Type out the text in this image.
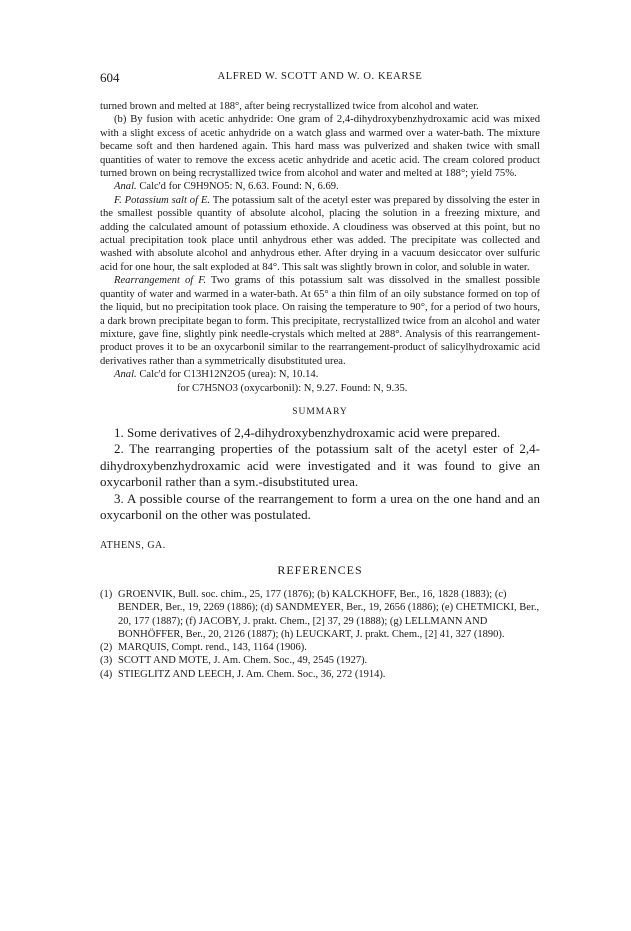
604	ALFRED W. SCOTT AND W. O. KEARSE

turned brown and melted at 188°, after being recrystallized twice from alcohol and water.

(b) By fusion with acetic anhydride: One gram of 2,4-dihydroxybenzhydroxamic acid was mixed with a slight excess of acetic anhydride on a watch glass and warmed over a water-bath. The mixture became soft and then hardened again. This hard mass was pulverized and shaken twice with small quantities of water to remove the excess acetic anhydride and acetic acid. The cream colored product turned brown on being recrystallized twice from alcohol and water and melted at 188°; yield 75%.

Anal. Calc'd for C9H9NO5: N, 6.63. Found: N, 6.69.

F. Potassium salt of E. The potassium salt of the acetyl ester was prepared by dissolving the ester in the smallest possible quantity of absolute alcohol, placing the solution in a freezing mixture, and adding the calculated amount of potassium ethoxide. A cloudiness was observed at this point, but no actual precipitation took place until anhydrous ether was added. The precipitate was collected and washed with absolute alcohol and anhydrous ether. After drying in a vacuum desiccator over sulfuric acid for one hour, the salt exploded at 84°. This salt was slightly brown in color, and soluble in water.

Rearrangement of F. Two grams of this potassium salt was dissolved in the smallest possible quantity of water and warmed in a water-bath. At 65° a thin film of an oily substance formed on top of the liquid, but no precipitation took place. On raising the temperature to 90°, for a period of two hours, a dark brown precipitate began to form. This precipitate, recrystallized twice from an alcohol and water mixture, gave fine, slightly pink needle-crystals which melted at 288°. Analysis of this rearrangement-product proves it to be an oxycarbonil similar to the rearrangement-product of salicylhydroxamic acid derivatives rather than a symmetrically disubstituted urea.

Anal. Calc'd for C13H12N2O5 (urea): N, 10.14.

for C7H5NO3 (oxycarbonil): N, 9.27. Found: N, 9.35.

SUMMARY

1. Some derivatives of 2,4-dihydroxybenzhydroxamic acid were prepared.

2. The rearranging properties of the potassium salt of the acetyl ester of 2,4-dihydroxybenzhydroxamic acid were investigated and it was found to give an oxycarbonil rather than a sym.-disubstituted urea.

3. A possible course of the rearrangement to form a urea on the one hand and an oxycarbonil on the other was postulated.

ATHENS, GA.
REFERENCES
(1) GROENVIK, Bull. soc. chim., 25, 177 (1876); (b) KALCKHOFF, Ber., 16, 1828 (1883); (c) BENDER, Ber., 19, 2269 (1886); (d) SANDMEYER, Ber., 19, 2656 (1886); (e) CHETMICKI, Ber., 20, 177 (1887); (f) JACOBY, J. prakt. Chem., [2] 37, 29 (1888); (g) LELLMANN AND BONHÖFFER, Ber., 20, 2126 (1887); (h) LEUCKART, J. prakt. Chem., [2] 41, 327 (1890).
(2) MARQUIS, Compt. rend., 143, 1164 (1906).
(3) SCOTT AND MOTE, J. Am. Chem. Soc., 49, 2545 (1927).
(4) STIEGLITZ AND LEECH, J. Am. Chem. Soc., 36, 272 (1914).
